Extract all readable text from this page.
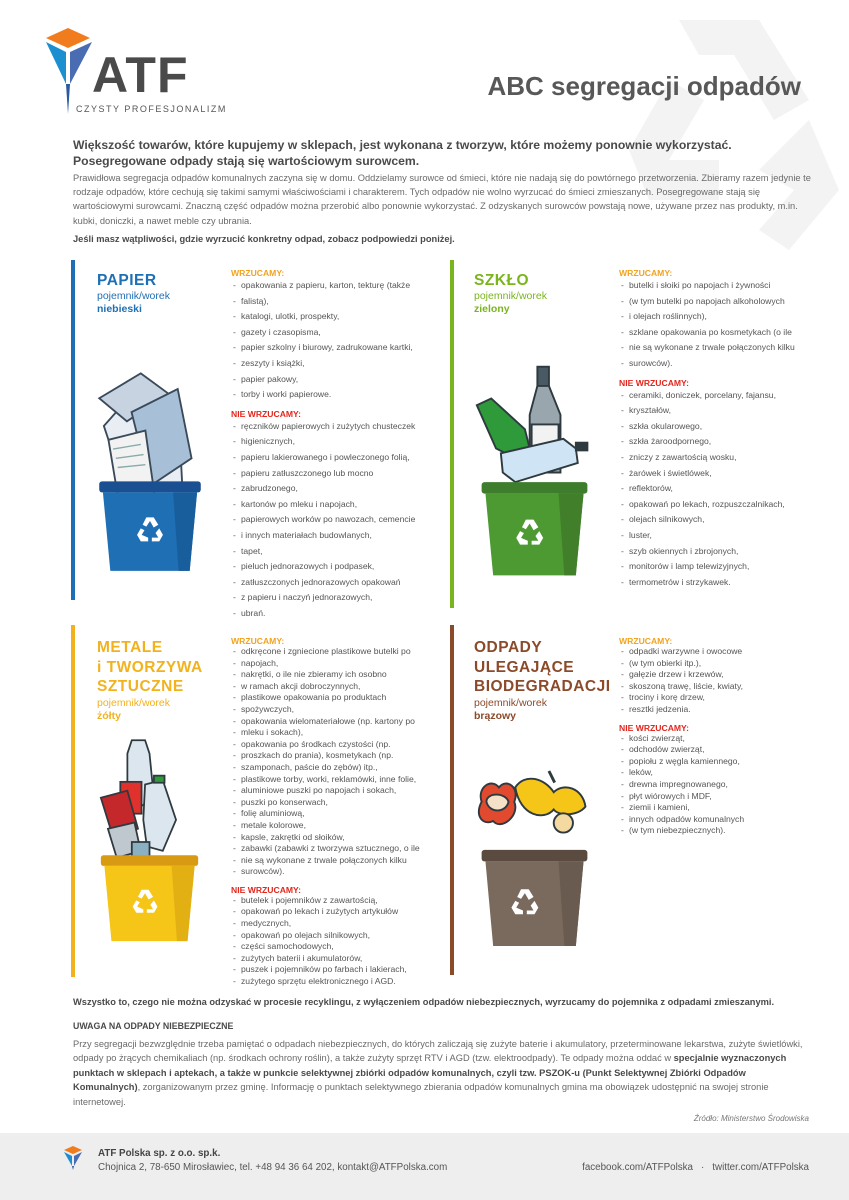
ATF
CZYSTY PROFESJONALIZM
ABC segregacji odpadów
Większość towarów, które kupujemy w sklepach, jest wykonana z tworzyw, które możemy ponownie wykorzystać.
Posegregowane odpady stają się wartościowym surowcem.

Prawidłowa segregacja odpadów komunalnych zaczyna się w domu. Oddzielamy surowce od śmieci, które nie nadają się do powtórnego przetworzenia. Zbieramy razem jedynie te rodzaje odpadów, które cechują się takimi samymi właściwościami i charakterem. Tych odpadów nie wolno wyrzucać do śmieci zmieszanych. Posegregowane stają się wartościowymi surowcami. Znaczną część odpadów można przerobić albo ponownie wykorzystać. Z odzyskanych surowców powstają nowe, używane przez nas produkty, m.in. kubki, doniczki, a nawet meble czy ubrania.

Jeśli masz wątpliwości, gdzie wyrzucić konkretny odpad, zobacz podpowiedzi poniżej.

PAPIER
pojemnik/worek
niebieski
WRZUCAMY:
- opakowania z papieru, karton, tekturę (także
- falistą),
- katalogi, ulotki, prospekty,
- gazety i czasopisma,
- papier szkolny i biurowy, zadrukowane kartki,
- zeszyty i książki,
- papier pakowy,
- torby i worki papierowe.
NIE WRZUCAMY:
- ręczników papierowych i zużytych chusteczek
- higienicznych,
- papieru lakierowanego i powleczonego folią,
- papieru zatłuszczonego lub mocno
- zabrudzonego,
- kartonów po mleku i napojach,
- papierowych worków po nawozach, cemencie
- i innych materiałach budowlanych,
- tapet,
- pieluch jednorazowych i podpasek,
- zatłuszczonych jednorazowych opakowań
- z papieru i naczyń jednorazowych,
- ubrań.
SZKŁO
pojemnik/worek
zielony
WRZUCAMY:
- butelki i słoiki po napojach i żywności
- (w tym butelki po napojach alkoholowych
- i olejach roślinnych),
- szklane opakowania po kosmetykach (o ile
- nie są wykonane z trwale połączonych kilku
- surowców).
NIE WRZUCAMY:
- ceramiki, doniczek, porcelany, fajansu,
- kryształów,
- szkła okularowego,
- szkła żaroodpornego,
- zniczy z zawartością wosku,
- żarówek i świetlówek,
- reflektorów,
- opakowań po lekach, rozpuszczalnikach,
- olejach silnikowych,
- luster,
- szyb okiennych i zbrojonych,
- monitorów i lamp telewizyjnych,
- termometrów i strzykawek.
METALE
i TWORZYWA
SZTUCZNE
pojemnik/worek
żółty
WRZUCAMY:
- odkręcone i zgniecione plastikowe butelki po
- napojach,
- nakrętki, o ile nie zbieramy ich osobno
- w ramach akcji dobroczynnych,
- plastikowe opakowania po produktach
- spożywczych,
- opakowania wielomateriałowe (np. kartony po
- mleku i sokach),
- opakowania po środkach czystości (np.
- proszkach do prania), kosmetykach (np.
- szamponach, paście do zębów) itp.,
- plastikowe torby, worki, reklamówki, inne folie,
- aluminiowe puszki po napojach i sokach,
- puszki po konserwach,
- folię aluminiową,
- metale kolorowe,
- kapsle, zakrętki od słoików,
- zabawki (zabawki z tworzywa sztucznego, o ile
- nie są wykonane z trwale połączonych kilku
- surowców).
NIE WRZUCAMY:
- butelek i pojemników z zawartością,
- opakowań po lekach i zużytych artykułów
- medycznych,
- opakowań po olejach silnikowych,
- części samochodowych,
- zużytych baterii i akumulatorów,
- puszek i pojemników po farbach i lakierach,
- zużytego sprzętu elektronicznego i AGD.
ODPADY
ULEGAJĄCE
BIODEGRADACJI
pojemnik/worek
brązowy
WRZUCAMY:
- odpadki warzywne i owocowe
- (w tym obierki itp.),
- gałęzie drzew i krzewów,
- skoszoną trawę, liście, kwiaty,
- trociny i korę drzew,
- resztki jedzenia.
NIE WRZUCAMY:
- kości zwierząt,
- odchodów zwierząt,
- popiołu z węgla kamiennego,
- leków,
- drewna impregnowanego,
- płyt wiórowych i MDF,
- ziemii i kamieni,
- innych odpadów komunalnych
- (w tym niebezpiecznych).

Wszystko to, czego nie można odzyskać w procesie recyklingu, z wyłączeniem odpadów niebezpiecznych, wyrzucamy do pojemnika z odpadami zmieszanymi.

UWAGA NA ODPADY NIEBEZPIECZNE

Przy segregacji bezwzględnie trzeba pamiętać o odpadach niebezpiecznych, do których zaliczają się zużyte baterie i akumulatory, przeterminowane lekarstwa, zużyte świetlówki, odpady po żrących chemikaliach (np. środkach ochrony roślin), a także zużyty sprzęt RTV i AGD (tzw. elektroodpady). Te odpady można oddać w specjalnie wyznaczonych punktach w sklepach i aptekach, a także w punkcie selektywnej zbiórki odpadów komunalnych, czyli tzw. PSZOK-u (Punkt Selektywnej Zbiórki Odpadów Komunalnych), zorganizowanym przez gminę. Informację o punktach selektywnego zbierania odpadów komunalnych gmina ma obowiązek udostępnić na swojej stronie internetowej.

Źródło: Ministerstwo Środowiska
ATF Polska sp. z o.o. sp.k.
Chojnica 2, 78-650 Mirosławiec, tel. +48 94 36 64 202, kontakt@ATFPolska.com	facebook.com/ATFPolska · twitter.com/ATFPolska
